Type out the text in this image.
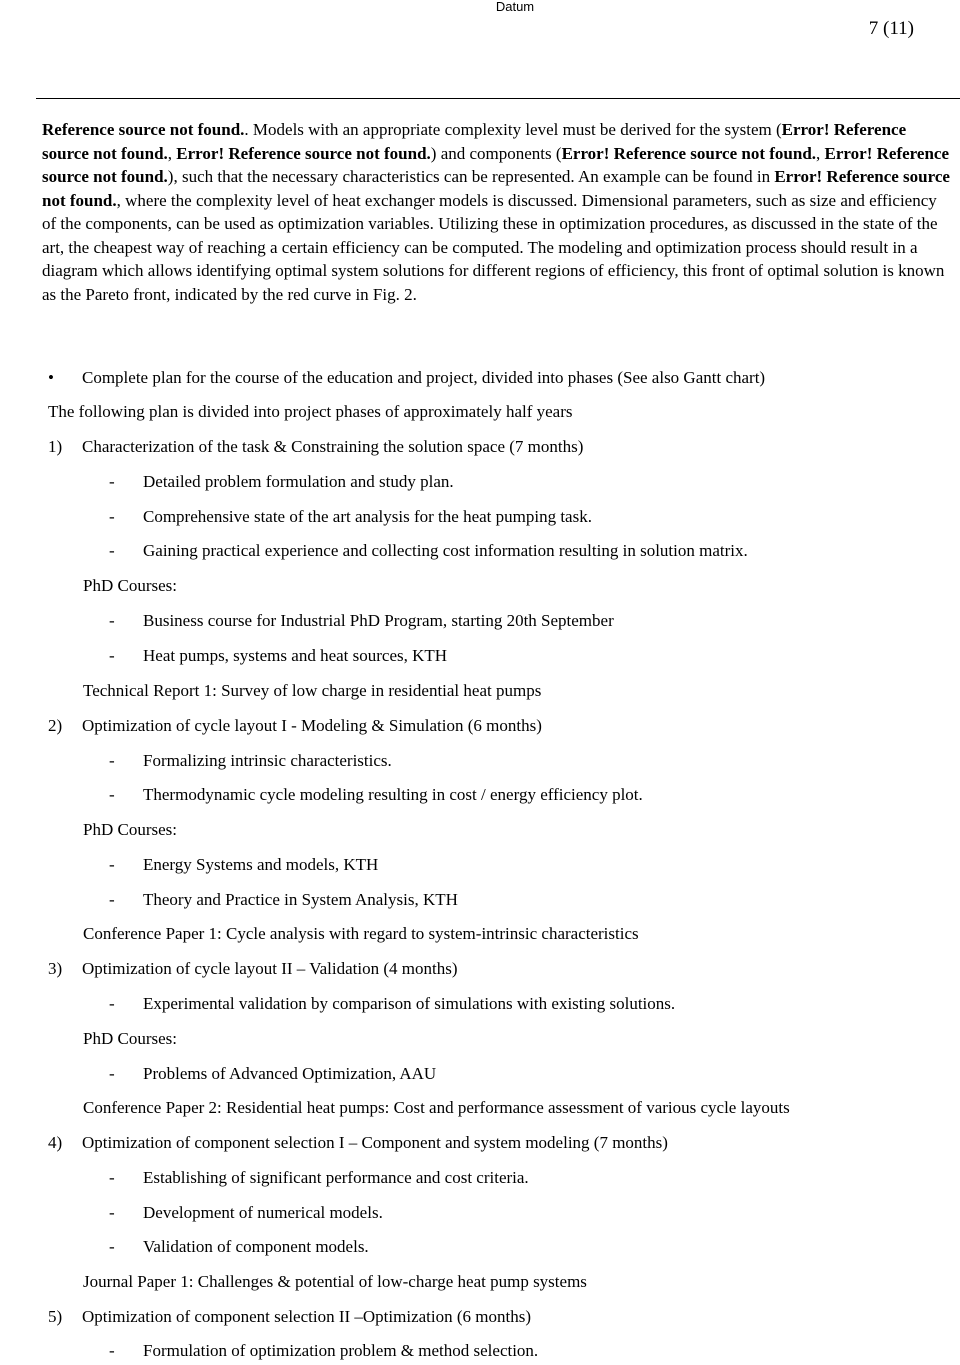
Datum
7 (11)

Reference source not found.. Models with an appropriate complexity level must be derived for the system (Error! Reference source not found., Error! Reference source not found.) and components (Error! Reference source not found., Error! Reference source not found.), such that the necessary characteristics can be represented. An example can be found in Error! Reference source not found., where the complexity level of heat exchanger models is discussed. Dimensional parameters, such as size and efficiency of the components, can be used as optimization variables. Utilizing these in optimization procedures, as discussed in the state of the art, the cheapest way of reaching a certain efficiency can be computed. The modeling and optimization process should result in a diagram which allows identifying optimal system solutions for different regions of efficiency, this front of optimal solution is known as the Pareto front, indicated by the red curve in Fig. 2.

• Complete plan for the course of the education and project, divided into phases (See also Gantt chart)
The following plan is divided into project phases of approximately half years
1) Characterization of the task & Constraining the solution space (7 months)
- Detailed problem formulation and study plan.
- Comprehensive state of the art analysis for the heat pumping task.
- Gaining practical experience and collecting cost information resulting in solution matrix.
PhD Courses:
- Business course for Industrial PhD Program, starting 20th September
- Heat pumps, systems and heat sources, KTH
Technical Report 1: Survey of low charge in residential heat pumps
2) Optimization of cycle layout I - Modeling & Simulation (6 months)
- Formalizing intrinsic characteristics.
- Thermodynamic cycle modeling resulting in cost / energy efficiency plot.
PhD Courses:
- Energy Systems and models, KTH
- Theory and Practice in System Analysis, KTH
Conference Paper 1: Cycle analysis with regard to system-intrinsic characteristics
3) Optimization of cycle layout II – Validation (4 months)
- Experimental validation by comparison of simulations with existing solutions.
PhD Courses:
- Problems of Advanced Optimization, AAU
Conference Paper 2: Residential heat pumps: Cost and performance assessment of various cycle layouts
4) Optimization of component selection I – Component and system modeling (7 months)
- Establishing of significant performance and cost criteria.
- Development of numerical models.
- Validation of component models.
Journal Paper 1: Challenges & potential of low-charge heat pump systems
5) Optimization of component selection II –Optimization (6 months)
- Formulation of optimization problem & method selection.
